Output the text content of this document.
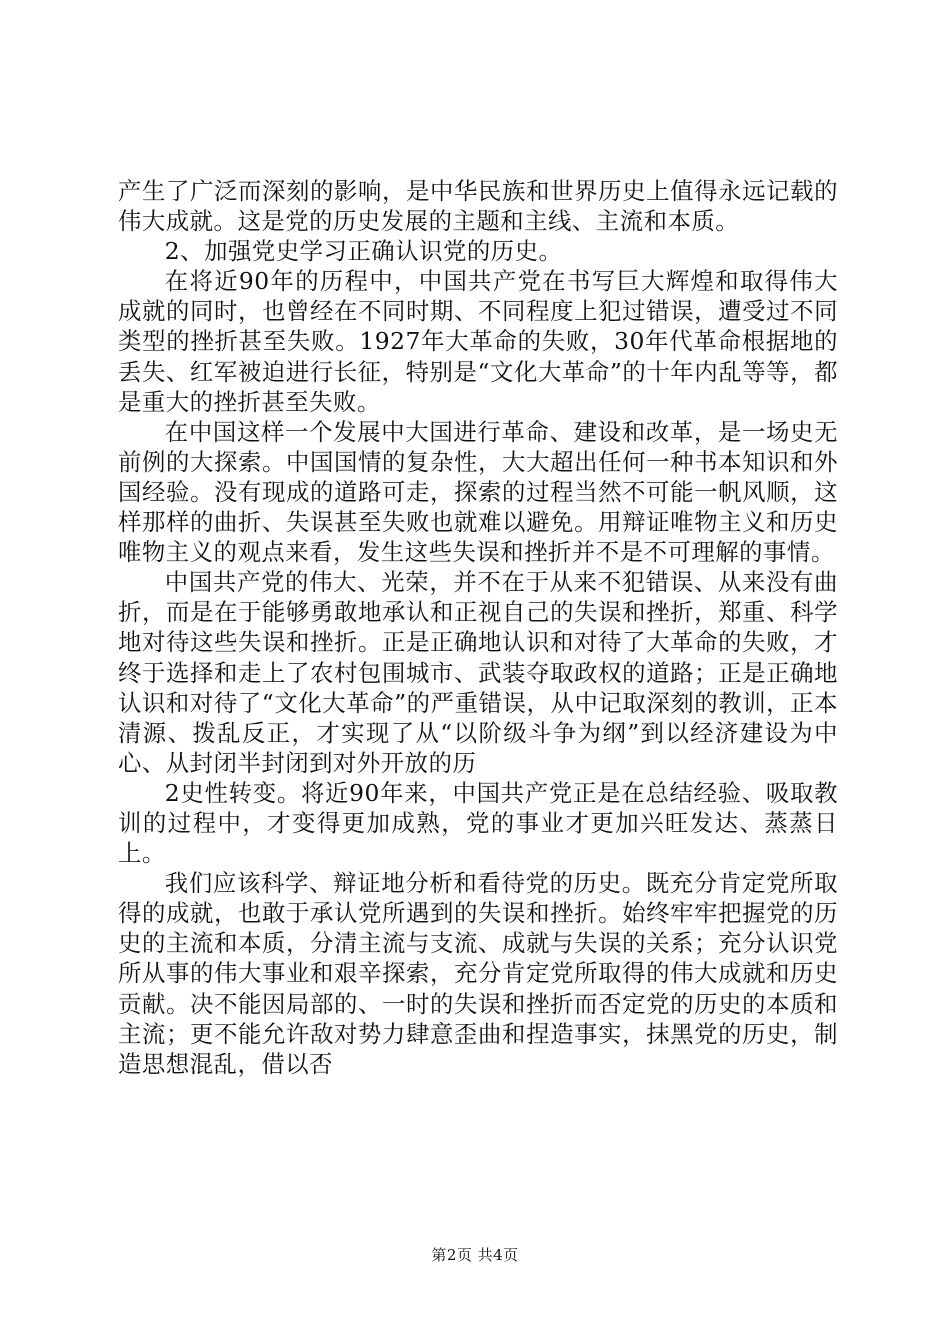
产生了广泛而深刻的影响，是中华民族和世界历史上值得永远记载的伟大成就。这是党的历史发展的主题和主线、主流和本质。

2、加强党史学习正确认识党的历史。

在将近90年的历程中，中国共产党在书写巨大辉煌和取得伟大成就的同时，也曾经在不同时期、不同程度上犯过错误，遭受过不同类型的挫折甚至失败。1927年大革命的失败，30年代革命根据地的丢失、红军被迫进行长征，特别是“文化大革命”的十年内乱等等，都是重大的挫折甚至失败。

在中国这样一个发展中大国进行革命、建设和改革，是一场史无前例的大探索。中国国情的复杂性，大大超出任何一种书本知识和外国经验。没有现成的道路可走，探索的过程当然不可能一帆风顺，这样那样的曲折、失误甚至失败也就难以避免。用辩证唯物主义和历史唯物主义的观点来看，发生这些失误和挫折并不是不可理解的事情。

中国共产党的伟大、光荣，并不在于从来不犯错误、从来没有曲折，而是在于能够勇敢地承认和正视自己的失误和挫折，郑重、科学地对待这些失误和挫折。正是正确地认识和对待了大革命的失败，才终于选择和走上了农村包围城市、武装夺取政权的道路；正是正确地认识和对待了“文化大革命”的严重错误，从中记取深刻的教训，正本清源、拨乱反正，才实现了从“以阶级斗争为纲”到以经济建设为中心、从封闭半封闭到对外开放的历

2史性转变。将近90年来，中国共产党正是在总结经验、吸取教训的过程中，才变得更加成熟，党的事业才更加兴旺发达、蒸蒸日上。

我们应该科学、辩证地分析和看待党的历史。既充分肯定党所取得的成就，也敢于承认党所遇到的失误和挫折。始终牢牢把握党的历史的主流和本质，分清主流与支流、成就与失误的关系；充分认识党所从事的伟大事业和艰辛探索，充分肯定党所取得的伟大成就和历史贡献。决不能因局部的、一时的失误和挫折而否定党的历史的本质和主流；更不能允许敌对势力肆意歪曲和捏造事实，抹黑党的历史，制造思想混乱，借以否

第2页 共4页
